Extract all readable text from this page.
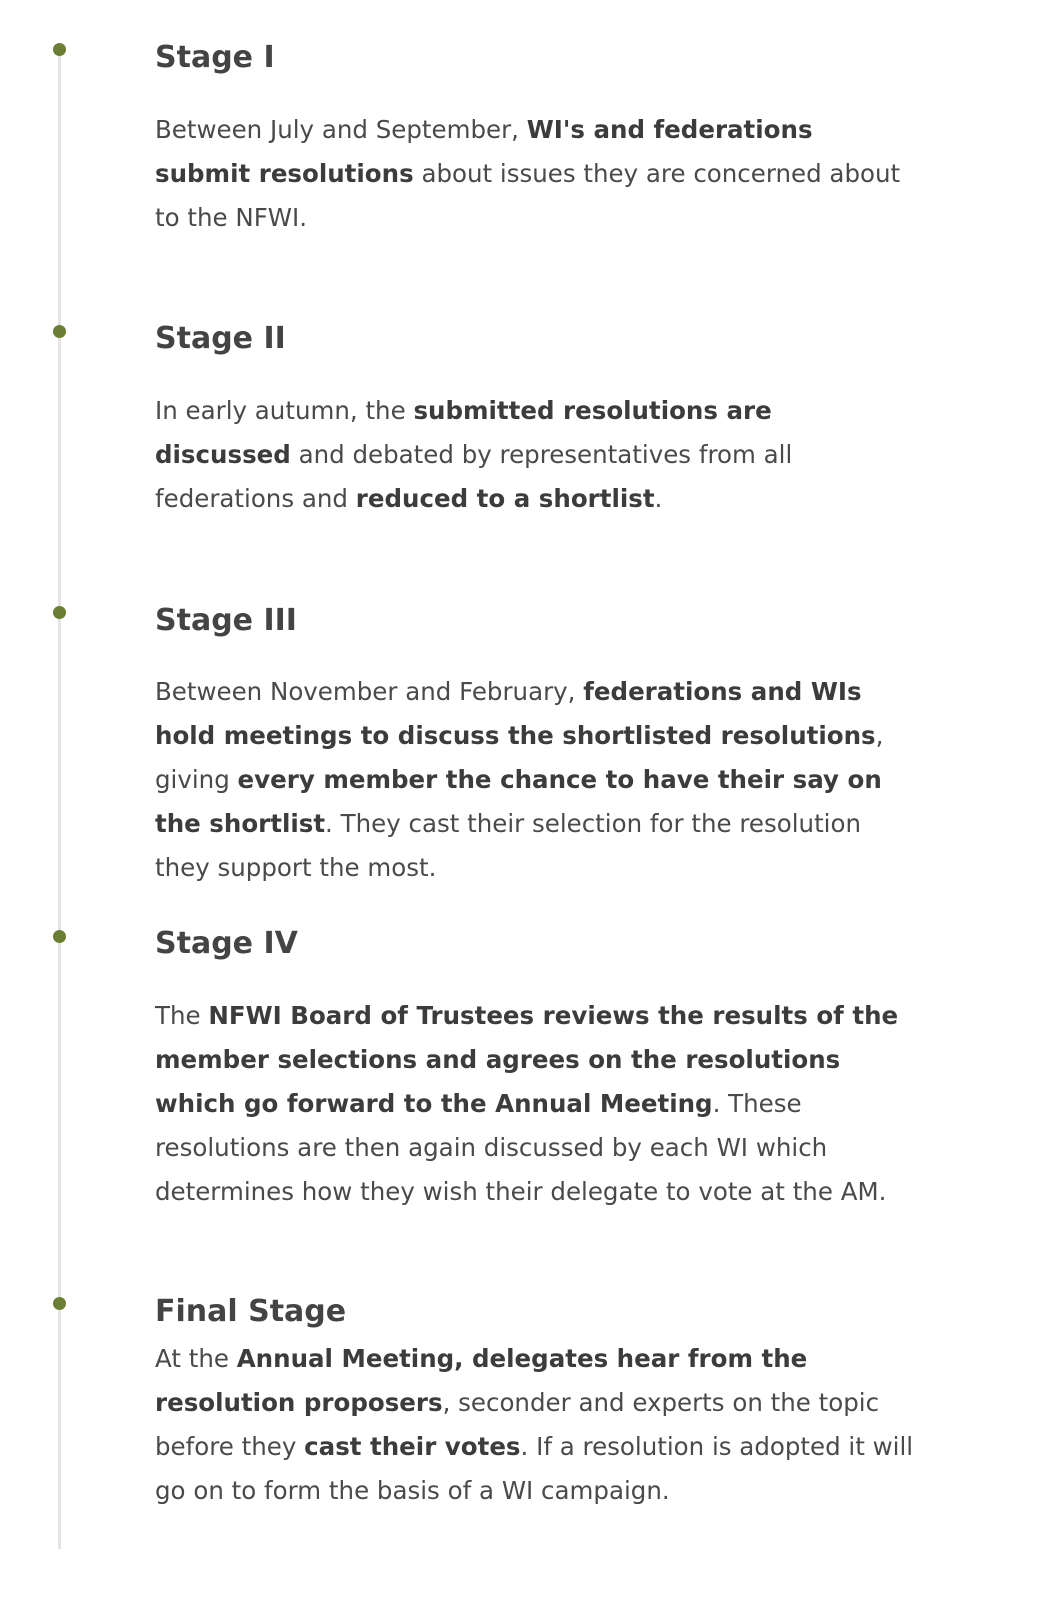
Stage I

Between July and September, WI's and federations submit resolutions about issues they are concerned about to the NFWI.

Stage II

In early autumn, the submitted resolutions are discussed and debated by representatives from all federations and reduced to a shortlist.

Stage III

Between November and February, federations and WIs hold meetings to discuss the shortlisted resolutions, giving every member the chance to have their say on the shortlist. They cast their selection for the resolution they support the most.

Stage IV

The NFWI Board of Trustees reviews the results of the member selections and agrees on the resolutions which go forward to the Annual Meeting. These resolutions are then again discussed by each WI which determines how they wish their delegate to vote at the AM.

Final Stage

At the Annual Meeting, delegates hear from the resolution proposers, seconder and experts on the topic before they cast their votes. If a resolution is adopted it will go on to form the basis of a WI campaign.
